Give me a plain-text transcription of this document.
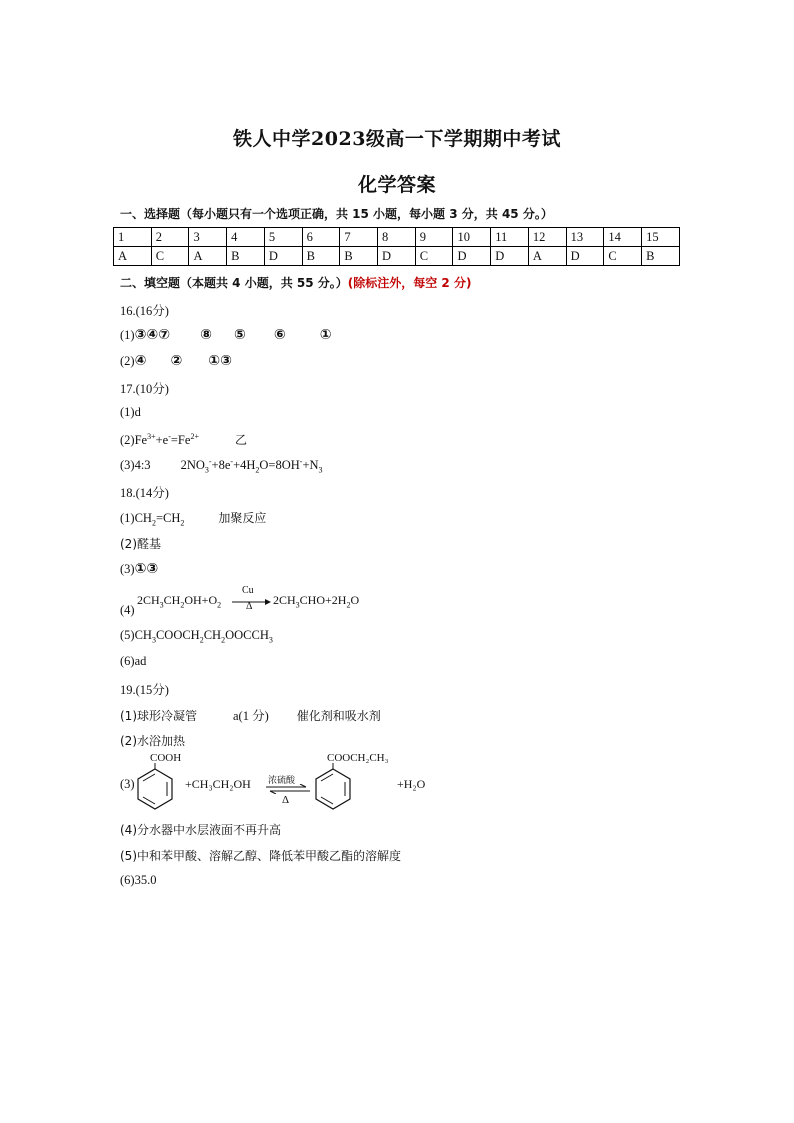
铁人中学2023级高一下学期期中考试
化学答案
一、选择题（每小题只有一个选项正确，共 15 小题，每小题 3 分，共 45 分。）
1	2	3	4	5	6	7	8	9	10	11	12	13	14	15
A	C	A	B	D	B	B	D	C	D	D	A	D	C	B
二、填空题（本题共 4 小题，共 55 分。）(除标注外，每空 2 分)
16.(16分)
(1)③④⑦ ⑧ ⑤ ⑥ ①
(2)④ ② ①③
17.(10分)
(1)d
$(2)Fe^{3+}+e^-=Fe^{2+}$	乙
(3)4:3 $2NO_3^-+8e^-+4H_2O=8OH^-+N_3$
18.(14分)
$(1)CH_2=CH_2$	加聚反应
(2)醛基
(3)①③
(4)
$2CH_3CH_2OH+O_2$
Cu
Δ $2CH_3CHO+2H_2O$
$(5)CH_3COOCH_2CH_2OOCCH_3$
(6)ad
19.(15分)
(1)球形冷凝管	a(1 分) 催化剂和吸水剂
(2)水浴加热
(3)
COOH
+CH₃CH₂OH 浓硫酸
Δ
COOCH₂CH₃
+H₂O
(4)分水器中水层液面不再升高
(5)中和苯甲酸、溶解乙醇、降低苯甲酸乙酯的溶解度
(6)35.0
